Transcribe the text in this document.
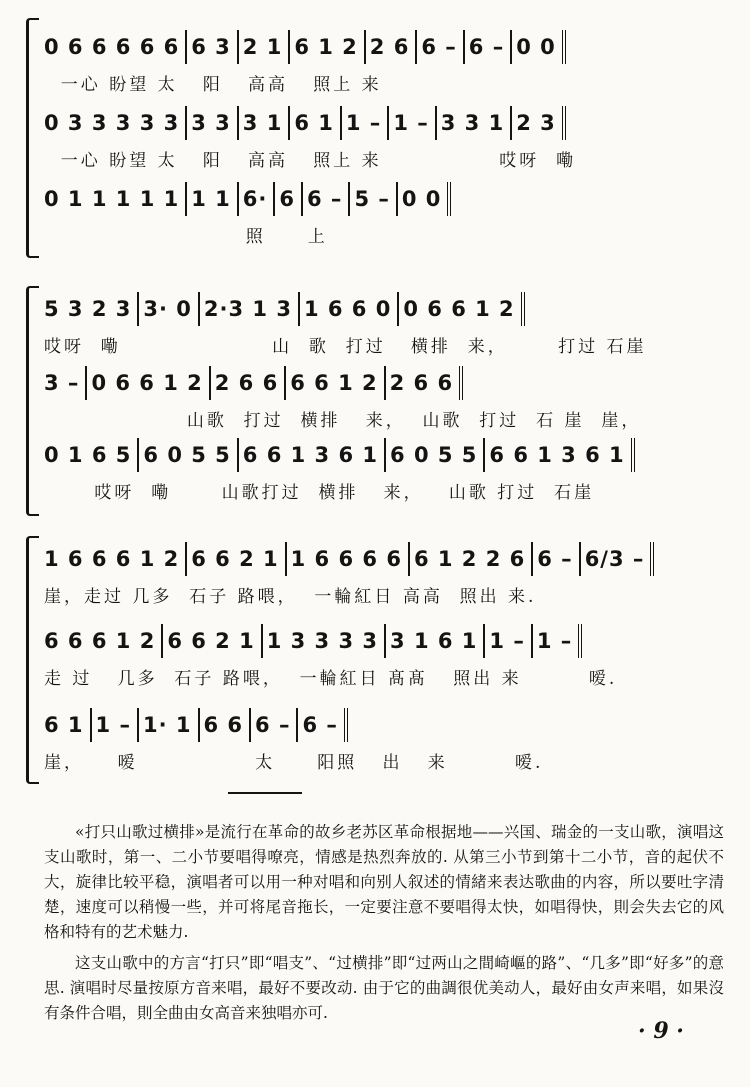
0 6 6 6 6 6 6 3 2 1 6 1 2 2 6 6 – 6 – 0 0
一心 盼望 太   阳   高高   照上 来
0 3 3 3 3 3 3 3 3 1 6 1 1 – 1 – 3 3 1 2 3
一心 盼望 太   阳   高高   照上 来              哎呀  嘞
0 1 1 1 1 1 1 1 6· 6 6 – 5 – 0 0
照     上
5 3 2 3 3· 0 2·3 1 3 1 6 6 0 0 6 6 1 2
哎呀  嘞                  山  歌  打过   横排  来，      打过 石崖
3 – 0 6 6 1 2 2 6 6 6 6 1 2 2 6 6
山歌  打过  横排   来，  山歌  打过  石 崖  崖，
0 1 6 5 6 0 5 5 6 6 1 3 6 1 6 0 5 5 6 6 1 3 6 1
哎呀  嘞      山歌打过  横排   来，   山歌 打过  石崖
1 6 6 6 1 2 6 6 2 1 1 6 6 6 6 6 1 2 2 6 6 – 6/3 –
崖，走过 几多  石子 路喂，  一輪紅日 高高  照出 来.
6 6 6 1 2 6 6 2 1 1 3 3 3 3 3 1 6 1 1 – 1 –
走 过   几多  石子 路喂，  一輪紅日 髙髙   照出 来        嗳.
6 1 1 – 1· 1 6 6 6 – 6 –
崖，    嗳              太     阳照   出   来        嗳.

«打只山歌过横排»是流行在革命的故乡老苏区革命根据地——兴国、瑞金的一支山歌，演唱这支山歌时，第一、二小节要唱得嘹亮，情感是热烈奔放的. 从第三小节到第十二小节，音的起伏不大，旋律比较平稳，演唱者可以用一种对唱和向别人叙述的情緒来表达歌曲的内容，所以要吐字清楚，速度可以稍慢一些，并可将尾音拖长，一定要注意不要唱得太快，如唱得快，則会失去它的风格和特有的艺术魅力.

这支山歌中的方言“打只”即“唱支”、“过横排”即“过两山之間崎嶇的路”、“几多”即“好多”的意思. 演唱时尽量按原方音来唱，最好不要改动. 由于它的曲調很优美动人，最好由女声来唱，如果沒有条件合唱，則全曲由女高音来独唱亦可.

· 9 ·
